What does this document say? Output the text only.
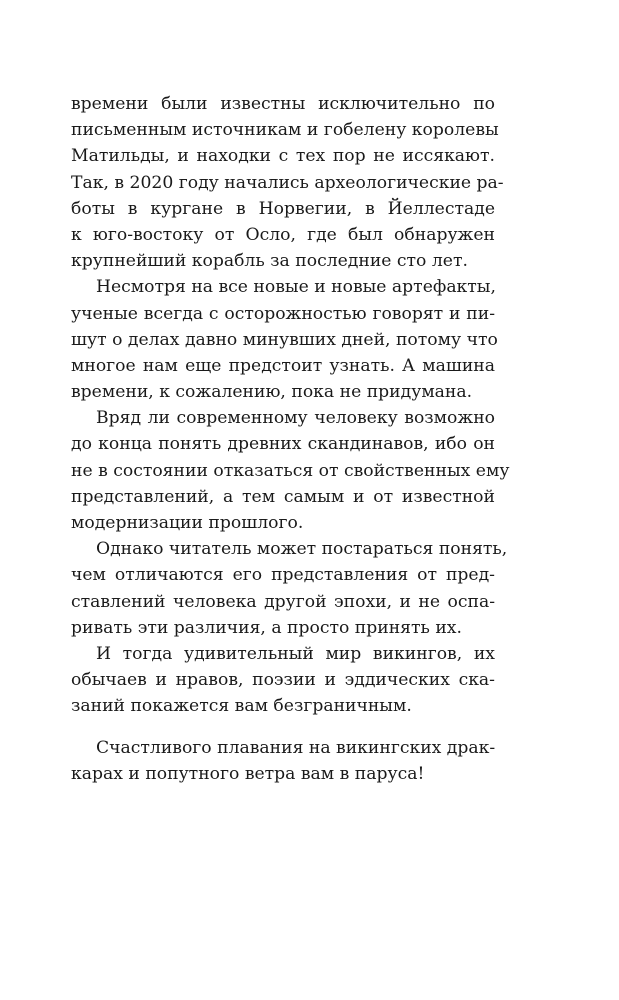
времени были известны исключительно по
письменным источникам и гобелену королевы
Матильды, и находки с тех пор не иссякают.
Так, в 2020 году начались археологические ра-
боты в кургане в Норвегии, в Йеллестаде
к юго-востоку от Осло, где был обнаружен
крупнейший корабль за последние сто лет.
Несмотря на все новые и новые артефакты,
ученые всегда с осторожностью говорят и пи-
шут о делах давно минувших дней, потому что
многое нам еще предстоит узнать. А машина
времени, к сожалению, пока не придумана.
Вряд ли современному человеку возможно
до конца понять древних скандинавов, ибо он
не в состоянии отказаться от свойственных ему
представлений, а тем самым и от известной
модернизации прошлого.
Однако читатель может постараться понять,
чем отличаются его представления от пред-
ставлений человека другой эпохи, и не оспа-
ривать эти различия, а просто принять их.
И тогда удивительный мир викингов, их
обычаев и нравов, поэзии и эддических ска-
заний покажется вам безграничным.
Счастливого плавания на викингских драк-
карах и попутного ветра вам в паруса!
